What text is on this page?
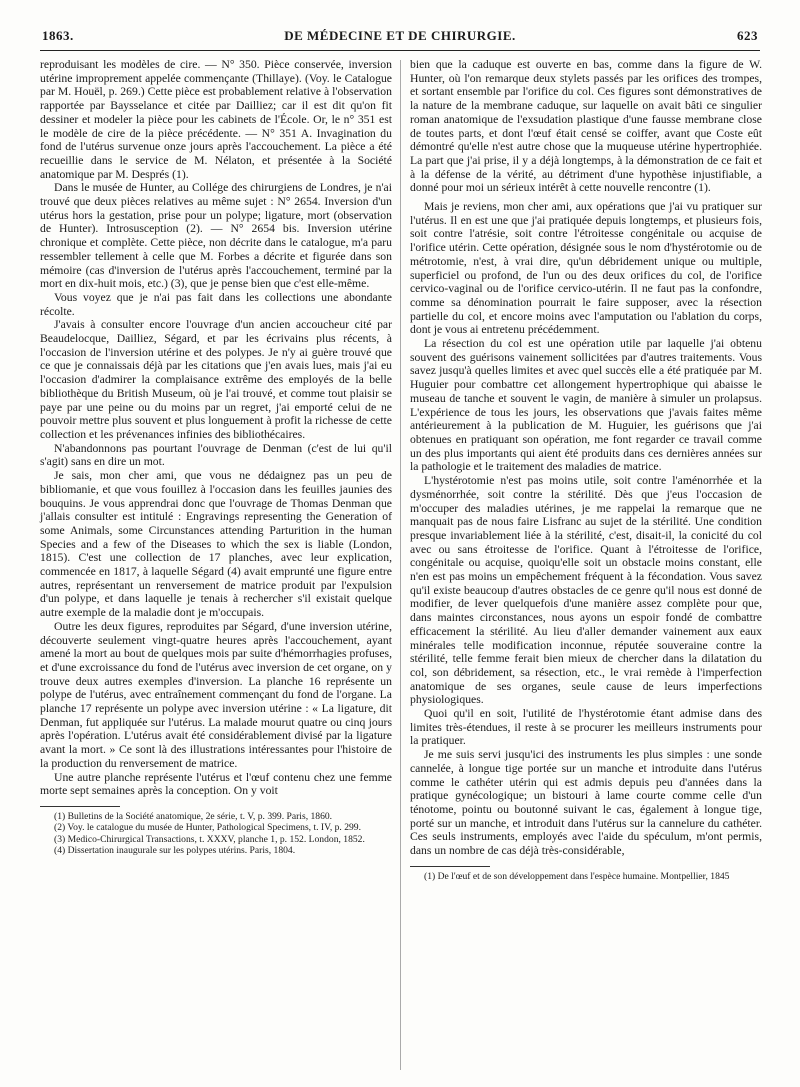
1863.	DE MÉDECINE ET DE CHIRURGIE.	623

reproduisant les modèles de cire. — N° 350. Pièce conservée, inversion utérine improprement appelée commençante (Thillaye). (Voy. le Catalogue par M. Houël, p. 269.) Cette pièce est probablement relative à l'observation rapportée par Baysselance et citée par Dailliez; car il est dit qu'on fit dessiner et modeler la pièce pour les cabinets de l'École. Or, le n° 351 est le modèle de cire de la pièce précédente. — N° 351 A. Invagination du fond de l'utérus survenue onze jours après l'accouchement. La pièce a été recueillie dans le service de M. Nélaton, et présentée à la Société anatomique par M. Després (1).

Dans le musée de Hunter, au Collége des chirurgiens de Londres, je n'ai trouvé que deux pièces relatives au même sujet : N° 2654. Inversion d'un utérus hors la gestation, prise pour un polype; ligature, mort (observation de Hunter). Introsusception (2). — N° 2654 bis. Inversion utérine chronique et complète. Cette pièce, non décrite dans le catalogue, m'a paru ressembler tellement à celle que M. Forbes a décrite et figurée dans son mémoire (cas d'inversion de l'utérus après l'accouchement, terminé par la mort en dix-huit mois, etc.) (3), que je pense bien que c'est elle-même.

Vous voyez que je n'ai pas fait dans les collections une abondante récolte.

J'avais à consulter encore l'ouvrage d'un ancien accoucheur cité par Beaudelocque, Dailliez, Ségard, et par les écrivains plus récents, à l'occasion de l'inversion utérine et des polypes. Je n'y ai guère trouvé que ce que je connaissais déjà par les citations que j'en avais lues, mais j'ai eu l'occasion d'admirer la complaisance extrême des employés de la belle bibliothèque du British Museum, où je l'ai trouvé, et comme tout plaisir se paye par une peine ou du moins par un regret, j'ai emporté celui de ne pouvoir mettre plus souvent et plus longuement à profit la richesse de cette collection et les prévenances infinies des bibliothécaires.

N'abandonnons pas pourtant l'ouvrage de Denman (c'est de lui qu'il s'agit) sans en dire un mot.

Je sais, mon cher ami, que vous ne dédaignez pas un peu de bibliomanie, et que vous fouillez à l'occasion dans les feuilles jaunies des bouquins. Je vous apprendrai donc que l'ouvrage de Thomas Denman que j'allais consulter est intitulé : Engravings representing the Generation of some Animals, some Circunstances attending Parturition in the human Species and a few of the Diseases to which the sex is liable (London, 1815). C'est une collection de 17 planches, avec leur explication, commencée en 1817, à laquelle Ségard (4) avait emprunté une figure entre autres, représentant un renversement de matrice produit par l'expulsion d'un polype, et dans laquelle je tenais à rechercher s'il existait quelque autre exemple de la maladie dont je m'occupais.

Outre les deux figures, reproduites par Ségard, d'une inversion utérine, découverte seulement vingt-quatre heures après l'accouchement, ayant amené la mort au bout de quelques mois par suite d'hémorrhagies profuses, et d'une excroissance du fond de l'utérus avec inversion de cet organe, on y trouve deux autres exemples d'inversion. La planche 16 représente un polype de l'utérus, avec entraînement commençant du fond de l'organe. La planche 17 représente un polype avec inversion utérine : « La ligature, dit Denman, fut appliquée sur l'utérus. La malade mourut quatre ou cinq jours après l'opération. L'utérus avait été considérablement divisé par la ligature avant la mort. » Ce sont là des illustrations intéressantes pour l'histoire de la production du renversement de matrice.

Une autre planche représente l'utérus et l'œuf contenu chez une femme morte sept semaines après la conception. On y voit

(1) Bulletins de la Société anatomique, 2e série, t. V, p. 399. Paris, 1860.

(2) Voy. le catalogue du musée de Hunter, Pathological Specimens, t. IV, p. 299.

(3) Medico-Chirurgical Transactions, t. XXXV, planche 1, p. 152. London, 1852.

(4) Dissertation inaugurale sur les polypes utérins. Paris, 1804.

bien que la caduque est ouverte en bas, comme dans la figure de W. Hunter, où l'on remarque deux stylets passés par les orifices des trompes, et sortant ensemble par l'orifice du col. Ces figures sont démonstratives de la nature de la membrane caduque, sur laquelle on avait bâti ce singulier roman anatomique de l'exsudation plastique d'une fausse membrane close de toutes parts, et dont l'œuf était censé se coiffer, avant que Coste eût démontré qu'elle n'est autre chose que la muqueuse utérine hypertrophiée. La part que j'ai prise, il y a déjà longtemps, à la démonstration de ce fait et à la défense de la vérité, au détriment d'une hypothèse injustifiable, a donné pour moi un sérieux intérêt à cette nouvelle rencontre (1).

Mais je reviens, mon cher ami, aux opérations que j'ai vu pratiquer sur l'utérus. Il en est une que j'ai pratiquée depuis longtemps, et plusieurs fois, soit contre l'atrésie, soit contre l'étroitesse congénitale ou acquise de l'orifice utérin. Cette opération, désignée sous le nom d'hystérotomie ou de métrotomie, n'est, à vrai dire, qu'un débridement unique ou multiple, superficiel ou profond, de l'un ou des deux orifices du col, de l'orifice cervico-vaginal ou de l'orifice cervico-utérin. Il ne faut pas la confondre, comme sa dénomination pourrait le faire supposer, avec la résection partielle du col, et encore moins avec l'amputation ou l'ablation du corps, dont je vous ai entretenu précédemment.

La résection du col est une opération utile par laquelle j'ai obtenu souvent des guérisons vainement sollicitées par d'autres traitements. Vous savez jusqu'à quelles limites et avec quel succès elle a été pratiquée par M. Huguier pour combattre cet allongement hypertrophique qui abaisse le museau de tanche et souvent le vagin, de manière à simuler un prolapsus. L'expérience de tous les jours, les observations que j'avais faites même antérieurement à la publication de M. Huguier, les guérisons que j'ai obtenues en pratiquant son opération, me font regarder ce travail comme un des plus importants qui aient été produits dans ces dernières années sur la pathologie et le traitement des maladies de matrice.

L'hystérotomie n'est pas moins utile, soit contre l'aménorrhée et la dysménorrhée, soit contre la stérilité. Dès que j'eus l'occasion de m'occuper des maladies utérines, je me rappelai la remarque que ne manquait pas de nous faire Lisfranc au sujet de la stérilité. Une condition presque invariablement liée à la stérilité, c'est, disait-il, la conicité du col avec ou sans étroitesse de l'orifice. Quant à l'étroitesse de l'orifice, congénitale ou acquise, quoiqu'elle soit un obstacle moins constant, elle n'en est pas moins un empêchement fréquent à la fécondation. Vous savez qu'il existe beaucoup d'autres obstacles de ce genre qu'il nous est donné de modifier, de lever quelquefois d'une manière assez complète pour que, dans maintes circonstances, nous ayons un espoir fondé de combattre efficacement la stérilité. Au lieu d'aller demander vainement aux eaux minérales telle modification inconnue, réputée souveraine contre la stérilité, telle femme ferait bien mieux de chercher dans la dilatation du col, son débridement, sa résection, etc., le vrai remède à l'imperfection anatomique de ses organes, seule cause de leurs imperfections physiologiques.

Quoi qu'il en soit, l'utilité de l'hystérotomie étant admise dans des limites très-étendues, il reste à se procurer les meilleurs instruments pour la pratiquer.

Je me suis servi jusqu'ici des instruments les plus simples : une sonde cannelée, à longue tige portée sur un manche et introduite dans l'utérus comme le cathéter utérin qui est admis depuis peu d'années dans la pratique gynécologique; un bistouri à lame courte comme celle d'un ténotome, pointu ou boutonné suivant le cas, également à longue tige, porté sur un manche, et introduit dans l'utérus sur la cannelure du cathéter. Ces seuls instruments, employés avec l'aide du spéculum, m'ont permis, dans un nombre de cas déjà très-considérable,

(1) De l'œuf et de son développement dans l'espèce humaine. Montpellier, 1845
